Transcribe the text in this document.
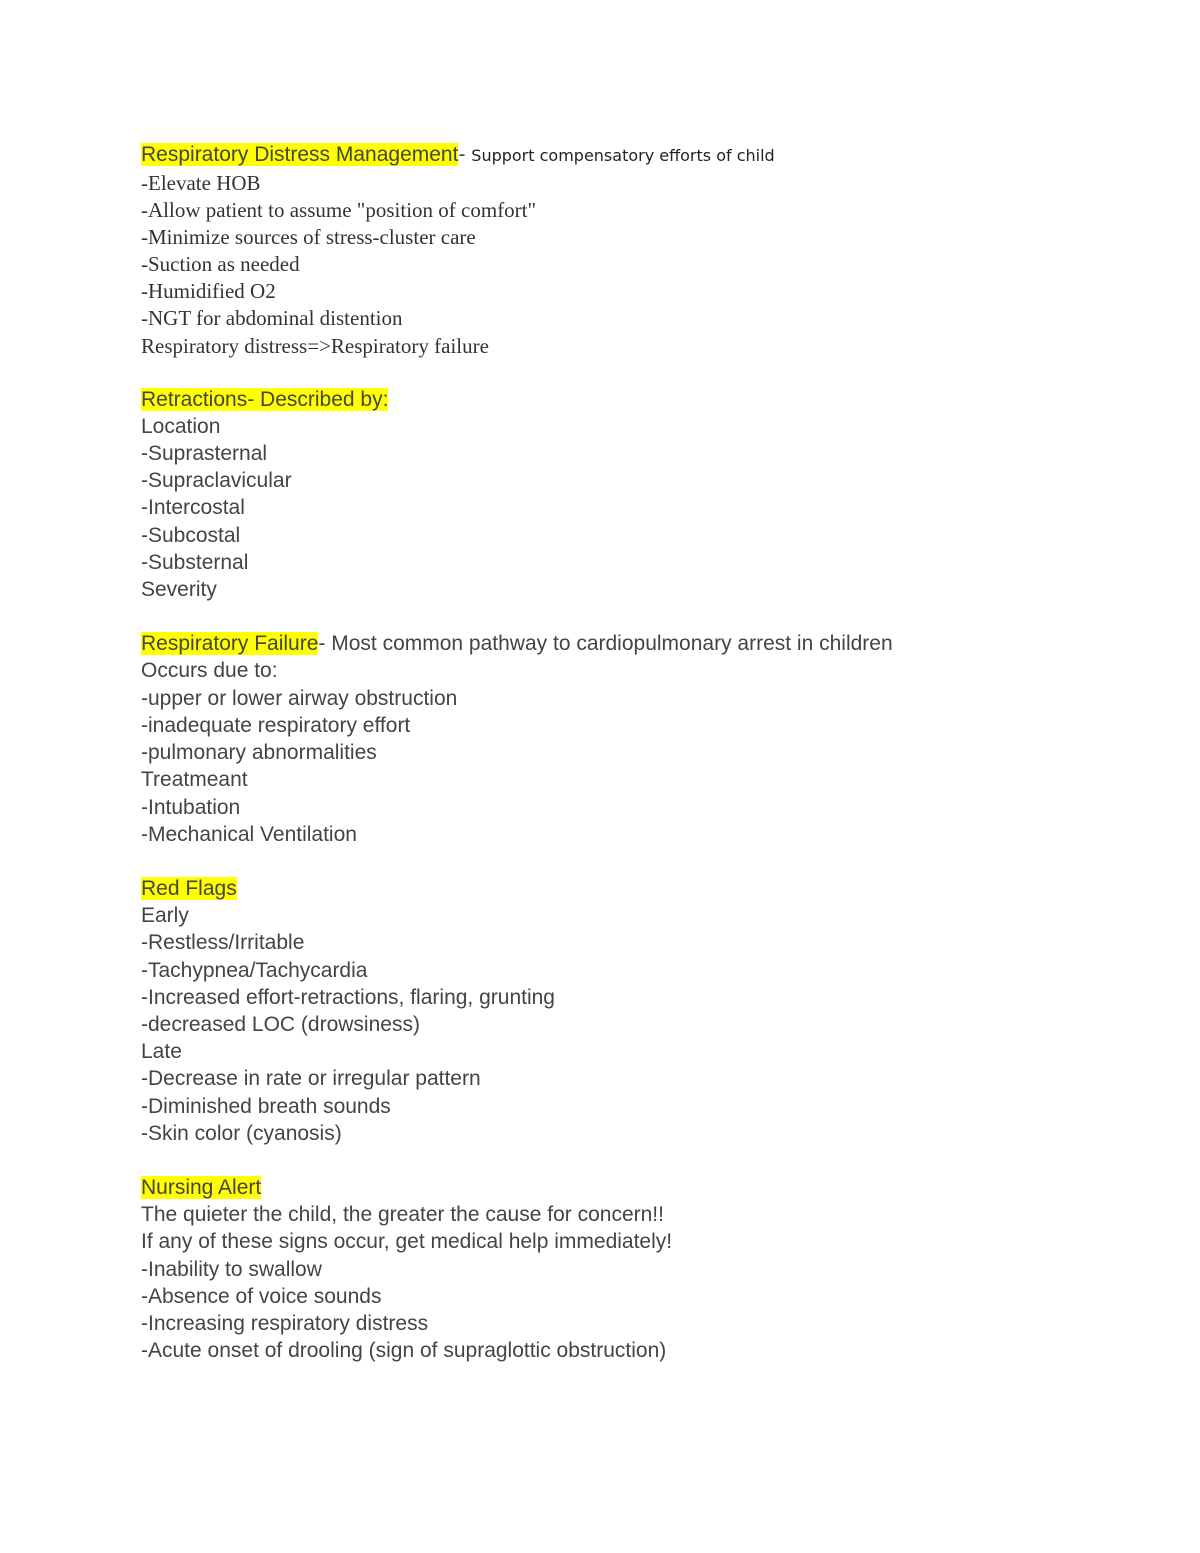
Respiratory Distress Management- Support compensatory efforts of child

-Elevate HOB

-Allow patient to assume "position of comfort"

-Minimize sources of stress-cluster care

-Suction as needed

-Humidified O2

-NGT for abdominal distention

Respiratory distress=>Respiratory failure

Retractions- Described by:

Location

-Suprasternal

-Supraclavicular

-Intercostal

-Subcostal

-Substernal

Severity

Respiratory Failure- Most common pathway to cardiopulmonary arrest in children

Occurs due to:

-upper or lower airway obstruction

-inadequate respiratory effort

-pulmonary abnormalities

Treatmeant

-Intubation

-Mechanical Ventilation

Red Flags

Early

-Restless/Irritable

-Tachypnea/Tachycardia

-Increased effort-retractions, flaring, grunting

-decreased LOC (drowsiness)

Late

-Decrease in rate or irregular pattern

-Diminished breath sounds

-Skin color (cyanosis)

Nursing Alert

The quieter the child, the greater the cause for concern!!

If any of these signs occur, get medical help immediately!

-Inability to swallow

-Absence of voice sounds

-Increasing respiratory distress

-Acute onset of drooling (sign of supraglottic obstruction)
